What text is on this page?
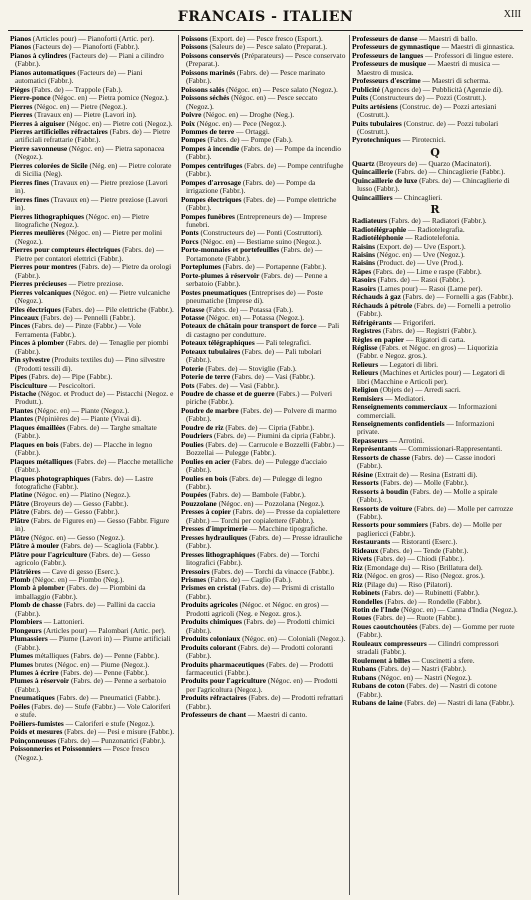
FRANCAIS - ITALIEN	XIII
Pianos (Articles pour) — Pianoforti (Artic. per).
Pianos (Facteurs de) — Pianoforti (Fabbr.).
Pianos à cylindres (Facteurs de) — Piani a cilindro (Fabbr.).
Pianos automatiques (Facteurs de) — Piani automatici (Fabbr.).
Pièges (Fabrs. de) — Trappole (Fab.).
Pierre-ponce (Négoc. en) — Pietra pomice (Negoz.).
Pierres (Négoc. en) — Pietre (Negoz.).
Pierres (Travaux en) — Pietre (Lavori in).
Pierres à aiguiser (Négoc. en) — Pietre coti (Negoz.).
Pierres artificielles réfractaires (Fabrs. de) — Pietre artificiali refrattarie (Fabbr.).
Pierre savonneuse (Négoc. en) — Pietra saponacea (Negoz.).
Pierres colorées de Sicile (Nég. en) — Pietre colorate di Sicilia (Neg).
Pierres fines (Travaux en) — Pietre preziose (Lavori in).
Pierres fines (Travaux en) — Pietre preziose (Lavori in).
Pierres lithographiques (Négoc. en) — Pietre litografiche (Negoz.).
Pierres meulières (Négoc. en) — Pietre per molini (Negoz.).
Pierres pour compteurs électriques (Fabrs. de) — Pietre per contatori elettrici (Fabbr.).
Pierres pour montres (Fabrs. de) — Pietre da orologi (Fabbr.).
Pierres précieuses — Pietre preziose.
Pierres volcaniques (Négoc. en) — Pietre vulcaniche (Negoz.).
Piles électriques (Fabrs. de) — Pile elettriche (Fabbr.).
Pinceaux (Fabrs. de) — Pennelli (Fabbr.).
Pinces (Fabrs. de) — Pinze (Fabbr.) — Vole Ferramenta (Fabbr.).
Pinces à plomber (Fabrs. de) — Tenaglie per piombi (Fabbr.).
Pin sylvestre (Produits textiles du) — Pino silvestre (Prodotti tessili di).
Pipes (Fabrs. de) — Pipe (Fabbr.).
Pisciculture — Pescicoltori.
Pistache (Négoc. et Product de) — Pistacchi (Negoz. e Produtt.).
Plantes (Négoc. en) — Piante (Negoz.).
Plantes (Pépinières de) — Piante (Vivai di).
Plaques émaillées (Fabrs. de) — Targhe smaltate (Fabbr.).
Plaques en bois (Fabrs. de) — Placche in legno (Fabbr.).
Plaques métalliques (Fabrs. de) — Placche metalliche (Fabbr.).
Plaques photographiques (Fabrs. de) — Lastre fotografiche (Fabbr.).
Platine (Négoc. en) — Platino (Negoz.).
Plâtre (Broyeurs de) — Gesso (Fabbr.).
Plâtre (Fabrs. de) — Gesso (Fabbr.).
Plâtre (Fabrs. de Figures en) — Gesso (Fabbr. Figure in).
Plâtre (Négoc. en) — Gesso (Negoz.).
Plâtre à mouler (Fabrs. de) — Scagliola (Fabbr.).
Plâtre pour l'agriculture (Fabrs. de) — Gesso agricolo (Fabbr.).
Plâtrières — Cave di gesso (Eserc.).
Plomb (Négoc. en) — Piombo (Neg.).
Plomb à plomber (Fabrs. de) — Piombini da imballaggio (Fabbr.).
Plomb de chasse (Fabrs. de) — Pallini da caccia (Fabbr.).
Plombiers — Lattonieri.
Plongeurs (Articles pour) — Palombari (Artic. per).
Plumassiers — Piume (Lavori in) — Piume artificiali (Fabbr.).
Plumes métalliques (Fabrs. de) — Penne (Fabbr.).
Plumes brutes (Négoc. en) — Piume (Negoz.).
Plumes à écrire (Fabrs. de) — Penne (Fabbr.).
Plumes à réservoir (Fabrs. de) — Penne a serbatoio (Fabbr.).
Pneumatiques (Fabrs. de) — Pneumatici (Fabbr.).
Poêles (Fabrs. de) — Stufe (Fabbr.) — Vole Caloriferi e stufe.
Poêliers-fumistes — Caloriferi e stufe (Negoz.).
Poids et mesures (Fabrs. de) — Pesi e misure (Fabbr.).
Poinçonneuses (Fabrs. de) — Punzonatrici (Fabbr.).
Poissonneries et Poissonniers — Pesce fresco (Negoz.).
Poissons (Export. de) — Pesce fresco (Esport.).
Poissons (Saleurs de) — Pesce salato (Preparat.).
Poissons conservés (Préparateurs) — Pesce conservato (Preparat.).
Poissons marinés (Fabrs. de) — Pesce marinato (Fabbr.).
Poissons salés (Négoc. en) — Pesce salato (Negoz.).
Poissons séchés (Négoc. en) — Pesce seccato (Negoz.).
Poivre (Négoc. en) — Droghe (Neg.).
Poix (Négoc. en) — Pece (Negoz.).
Pommes de terre — Ortaggi.
Pompes (Fabrs. de) — Pompe (Fab.).
Pompes à incendie (Fabrs. de) — Pompe da incendio (Fabbr.).
Pompes centrifuges (Fabrs. de) — Pompe centrifughe (Fabbr.).
Pompes d'arrosage (Fabrs. de) — Pompe da irrigazione (Fabbr.).
Pompes électriques (Fabrs. de) — Pompe elettriche (Fabbr.).
Pompes funèbres (Entrepreneurs de) — Imprese funebri.
Ponts (Constructeurs de) — Ponti (Costruttori).
Porcs (Négoc. en) — Bestiame suino (Negoz.).
Porte-monnaies et portefeuilles (Fabrs. de) — Portamonete (Fabbr.).
Porteplumes (Fabrs. de) — Portapenne (Fabbr.).
Porte-plumes à réservoir (Fabrs. de) — Penne a serbatoio (Fabbr.).
Postes pneumatiques (Entreprises de) — Poste pneumatiche (Imprese di).
Potasse (Fabrs. de) — Potassa (Fab.).
Potasse (Négoc. en) — Potassa (Negoz.).
Poteaux de châtain pour transport de force — Pali di castagno per condutture.
Poteaux télégraphiques — Pali telegrafici.
Poteaux tubulaires (Fabrs. de) — Pali tubolari (Fabbr.).
Poterie (Fabrs. de) — Stoviglie (Fab.).
Poterie de terre (Fabrs. de) — Vasi (Fabbr.).
Pots (Fabrs. de) — Vasi (Fabbr.).
Poudre de chasse et de guerre (Fabrs.) — Polveri piriche (Fabbr.).
Poudre de marbre (Fabrs. de) — Polvere di marmo (Fabbr.).
Poudre de riz (Fabrs. de) — Cipria (Fabbr.).
Poudriers (Fabrs. de) — Piumini da cipria (Fabbr.).
Poulies (Fabrs. de) — Carrucole e Bozzelli (Fabbr.) — Bozzellai — Pulegge (Fabbr.).
Poulies en acier (Fabrs. de) — Pulegge d'acciaio (Fabbr.).
Poulies en bois (Fabrs. de) — Pulegge di legno (Fabbr.).
Poupées (Fabrs. de) — Bambole (Fabbr.).
Pouzzolane (Négoc. en) — Pozzolana (Negoz.).
Presses à copier (Fabrs. de) — Presse da copialettere (Fabbr.) — Torchi per copialettere (Fabbr.).
Presses d'imprimerie — Macchine tipografiche.
Presses hydrauliques (Fabrs. de) — Presse idrauliche (Fabbr.).
Presses lithographiques (Fabrs. de) — Torchi litografici (Fabbr.).
Pressoirs (Fabrs. de) — Torchi da vinacce (Fabbr.).
Prismes (Fabrs. de) — Caglio (Fab.).
Prismes en cristal (Fabrs. de) — Prismi di cristallo (Fabbr.).
Produits agricoles (Négoc. et Négoc. en gros) — Prodotti agricoli (Neg. e Negoz. gros.).
Produits chimiques (Fabrs. de) — Prodotti chimici (Fabbr.).
Produits coloniaux (Négoc. en) — Coloniali (Negoz.).
Produits colorant (Fabrs. de) — Prodotti coloranti (Fabbr.).
Produits pharmaceutiques (Fabrs. de) — Prodotti farmaceutici (Fabbr.).
Produits pour l'agriculture (Négoc. en) — Prodotti per l'agricoltura (Negoz.).
Produits réfractaires (Fabrs. de) — Prodotti refrattari (Fabbr.).
Professeurs de chant — Maestri di canto.
Professeurs de danse — Maestri di ballo.
Professeurs de gymnastique — Maestri di ginnastica.
Professeurs de langues — Professori di lingue estere.
Professeurs de musique — Maestri di musica — Maestro di musica.
Professeurs d'escrime — Maestri di scherma.
Publicité (Agences de) — Pubblicità (Agenzie di).
Puits (Constructeurs de) — Pozzi (Costrutt.).
Puits artésiens (Construc. de) — Pozzi artesiani (Costrutt.).
Puits tubulaires (Construc. de) — Pozzi tubolari (Costrutt.).
Pyrotechniques — Pirotecnici.
Q
Quartz (Broyeurs de) — Quarzo (Macinatori).
Quincaillerie (Fabrs. de) — Chincaglierie (Fabbr.).
Quincaillerie de luxe (Fabrs. de) — Chincaglierie di lusso (Fabbr.).
Quincailliers — Chincaglieri.
R
Radiateurs (Fabrs. de) — Radiatori (Fabbr.).
Radiotélégraphie — Radiotelegrafia.
Radiotéléphonie — Radiotelefonia.
Raisins (Export. de) — Uve (Esport.).
Raisins (Négoc. en) — Uve (Negoz.).
Raisins (Product. de) — Uve (Prod.).
Râpes (Fabrs. de) — Lime e raspe (Fabbr.).
Rasoirs (Fabrs. de) — Rasoi (Fabbr.).
Rasoirs (Lames pour) — Rasoi (Lame per).
Réchauds à gaz (Fabrs. de) — Fornelli a gas (Fabbr.).
Réchauds à pétrole (Fabrs. de) — Fornelli a petrolio (Fabbr.).
Réfrigérants — Frigoriferi.
Registres (Fabrs. de) — Registri (Fabbr.).
Règles en papier — Rigatori di carta.
Réglisse (Fabrs. et Négoc. en gros) — Liquorizia (Fabbr. e Negoz. gros.).
Relieurs — Legatori di libri.
Relieurs (Machines et Articles pour) — Legatori di libri (Macchine e Articoli per).
Religion (Objets de) — Arredi sacri.
Remisiers — Mediatori.
Renseignements commerciaux — Informazioni commerciali.
Renseignements confidentiels — Informazioni private.
Repasseurs — Arrotini.
Représentants — Commissionari-Rappresentanti.
Ressorts de chasse (Fabrs. de) — Casse inodori (Fabbr.).
Résine (Extrait de) — Resina (Estratti di).
Ressorts (Fabrs. de) — Molle (Fabbr.).
Ressorts à boudin (Fabrs. de) — Molle a spirale (Fabbr.).
Ressorts de voiture (Fabrs. de) — Molle per carrozze (Fabbr.).
Ressorts pour sommiers (Fabrs. de) — Molle per pagliericci (Fabbr.).
Restaurants — Ristoranti (Eserc.).
Rideaux (Fabrs. de) — Tende (Fabbr.).
Rivets (Fabrs. de) — Chiodi (Fabbr.).
Riz (Emondage du) — Riso (Brillatura del).
Riz (Négoc. en gros) — Riso (Negoz. gros.).
Riz (Pilage du) — Riso (Pilatori).
Robinets (Fabrs. de) — Rubinetti (Fabbr.).
Rondelles (Fabrs. de) — Rondelle (Fabbr.).
Rotin de l'Inde (Négoc. en) — Canna d'India (Negoz.).
Roues (Fabrs. de) — Ruote (Fabbr.).
Roues caoutchoutées (Fabrs. de) — Gomme per ruote (Fabbr.).
Rouleaux compresseurs — Cilindri compressori stradali (Fabbr.).
Roulement à billes — Cuscinetti a sfere.
Rubans (Fabrs. de) — Nastri (Fabbr.).
Rubans (Négoc. en) — Nastri (Negoz.).
Rubans de coton (Fabrs. de) — Nastri di cotone (Fabbr.).
Rubans de laine (Fabrs. de) — Nastri di lana (Fabbr.).
